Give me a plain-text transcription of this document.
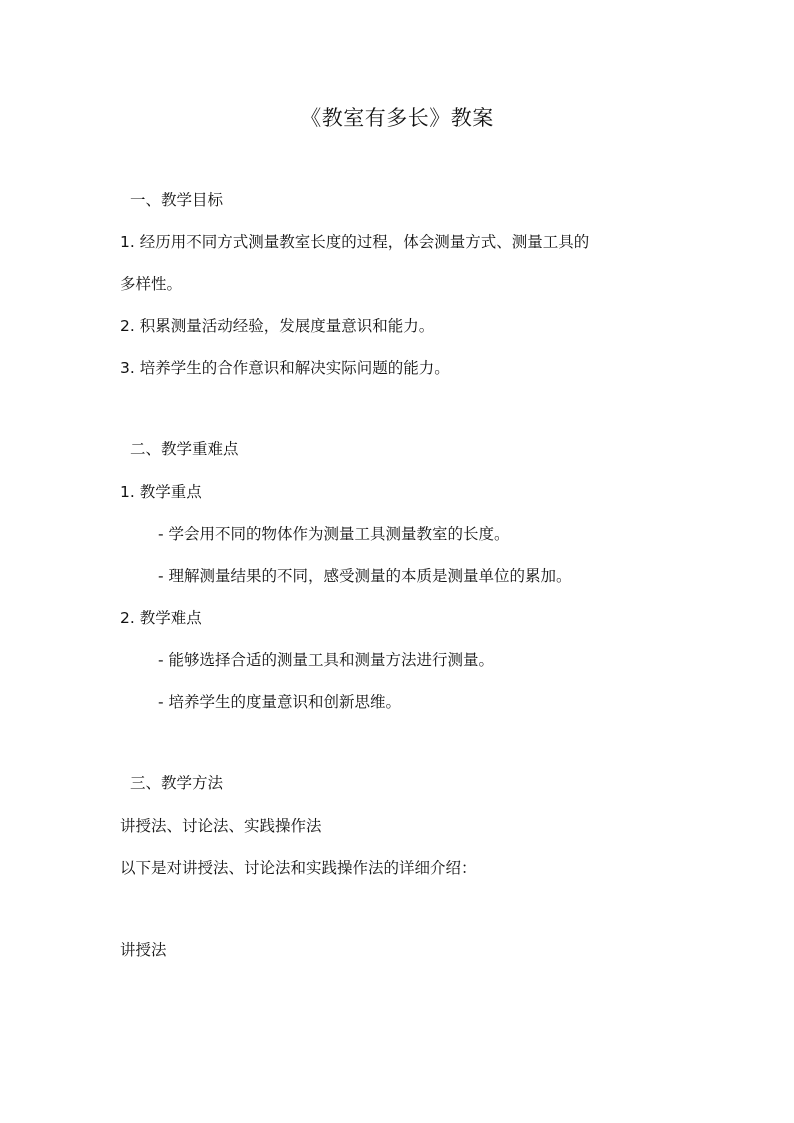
《教室有多长》教案
一、教学目标
1. 经历用不同方式测量教室长度的过程，体会测量方式、测量工具的
多样性。
2. 积累测量活动经验，发展度量意识和能力。
3. 培养学生的合作意识和解决实际问题的能力。
二、教学重难点
1. 教学重点
- 学会用不同的物体作为测量工具测量教室的长度。
- 理解测量结果的不同，感受测量的本质是测量单位的累加。
2. 教学难点
- 能够选择合适的测量工具和测量方法进行测量。
- 培养学生的度量意识和创新思维。
三、教学方法
讲授法、讨论法、实践操作法
以下是对讲授法、讨论法和实践操作法的详细介绍：
讲授法
